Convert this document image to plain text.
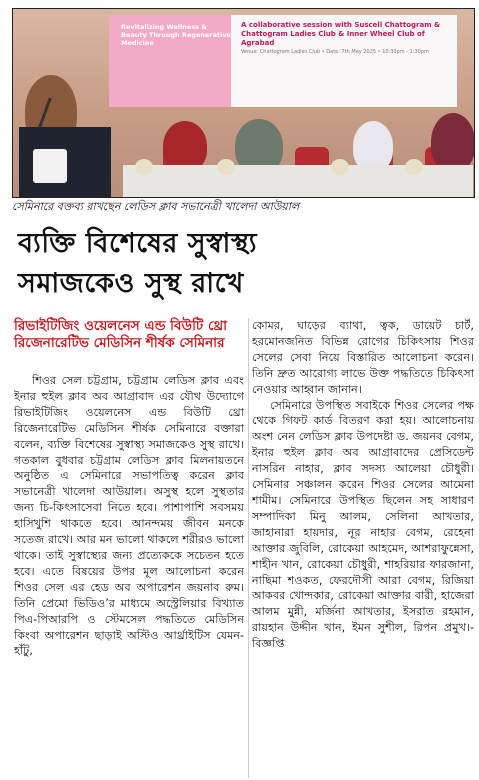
Revitalizing Wellness & Beauty Through Regenerative Medicine
A collaborative session with Suscell Chattogram & Chattogram Ladies Club & Inner Wheel Club of Agrabad
Venue: Chattogram Ladies Club • Date: 7th May 2025 • 10:30pm - 1:30pm
সেমিনারে বক্তব্য রাখছেন লেডিস ক্লাব সভানেত্রী খালেদা আউয়াল
ব্যক্তি বিশেষের সুস্বাস্থ্য
সমাজকেও সুস্থ রাখে
রিভাইটিজিং ওয়েলনেস এন্ড বিউটি থ্রো রিজেনারেটিভ মেডিসিন শীর্ষক সেমিনার

শিওর সেল চট্টগ্রাম, চট্টগ্রাম লেডিস ক্লাব এবং ইনার হুইল ক্লাব অব আগ্রাবাদ এর যৌথ উদ্যোগে রিভাইটিজিং ওয়েলনেস এন্ড বিউটি থ্রো রিজেনারেটিভ মেডিসিন শীর্ষক সেমিনারে বক্তারা বলেন, ব্যক্তি বিশেষের সুস্বাস্থ্য সমাজকেও সুস্থ রাখে। গতকাল বুধবার চট্টগ্রাম লেডিস ক্লাব মিলনায়তনে অনুষ্ঠিত এ সেমিনারে সভাপতিত্ব করেন ক্লাব সভানেত্রী খালেদা আউয়াল। অসুস্থ হলে সুস্থতার জন্য চি-কিৎসাসেবা নিতে হবে। পাশাপাশি সবসময় হাসিখুশি থাকতে হবে। আনন্দময় জীবন মনকে সতেজ রাখে। আর মন ভালো থাকলে শরীরও ভালো থাকে। তাই সুস্বাস্থ্যের জন্য প্রত্যেককে সচেতন হতে হবে। এতে বিষয়ের উপর মূল আলোচনা করেন শিওর সেল এর হেড অব অপারেশন জয়নাব রুম। তিনি প্রেমো ভিডিও’র মাধ্যমে অস্ট্রেলিয়ার বিখ্যাত পিএ-পিআরপি ও স্টেমসেল পদ্ধতিতে মেডিসিন কিংবা অপারেশন ছাড়াই অস্টিও আর্থ্রাইটিস যেমন- হাঁটু,

কোমর, ঘাড়ের ব্যাথা, ত্বক, ডায়েট চার্ট, হরমোনজনিত বিভিন্ন রোগের চিকিৎসায় শিওর সেলের সেবা নিয়ে বিস্তারিত আলোচনা করেন। তিনি দ্রুত আরোগ্য লাভে উক্ত পদ্ধতিতে চিকিৎসা নেওয়ার আহ্বান জানান।

সেমিনারে উপস্থিত সবাইকে শিওর সেলের পক্ষ থেকে গিফট কার্ড বিতরণ করা হয়। আলোচনায় অংশ নেন লেডিস ক্লাব উপদেষ্টা ড. জয়নব বেগম, ইনার হুইল ক্লাব অব আগ্রাবাদের প্রেসিডেন্ট নাসরিন নাহার, ক্লাব সদস্য আলেয়া চৌধুরী। সেমিনার সঞ্চালন করেন শিওর সেলের আমেনা শামীম। সেমিনারে উপস্থিত ছিলেন সহ সাধারণ সম্পাদিকা মিনু আলম, সেলিনা আখতার, জাহানারা হায়দার, নূর নাহার বেগম, রেহেনা আক্তার জুবিলি, রোকেয়া আহমেদ, আশরাফুন্নেসা, শাহীন খান, রোকেয়া চৌধুরী, শাহরিয়ার ফারজানা, নাছিমা শওকত, ফেরদৌসী আরা বেগম, রিজিয়া আকবর খোন্দকার, রোকেয়া আক্তার বারী, হাজেরা আলম মুন্নী, মর্জিনা আখতার, ইসরাত রহমান, রায়হান উদ্দীন খান, ইমন সুশীল, রিপন প্রমুখ।-বিজ্ঞপ্তি
